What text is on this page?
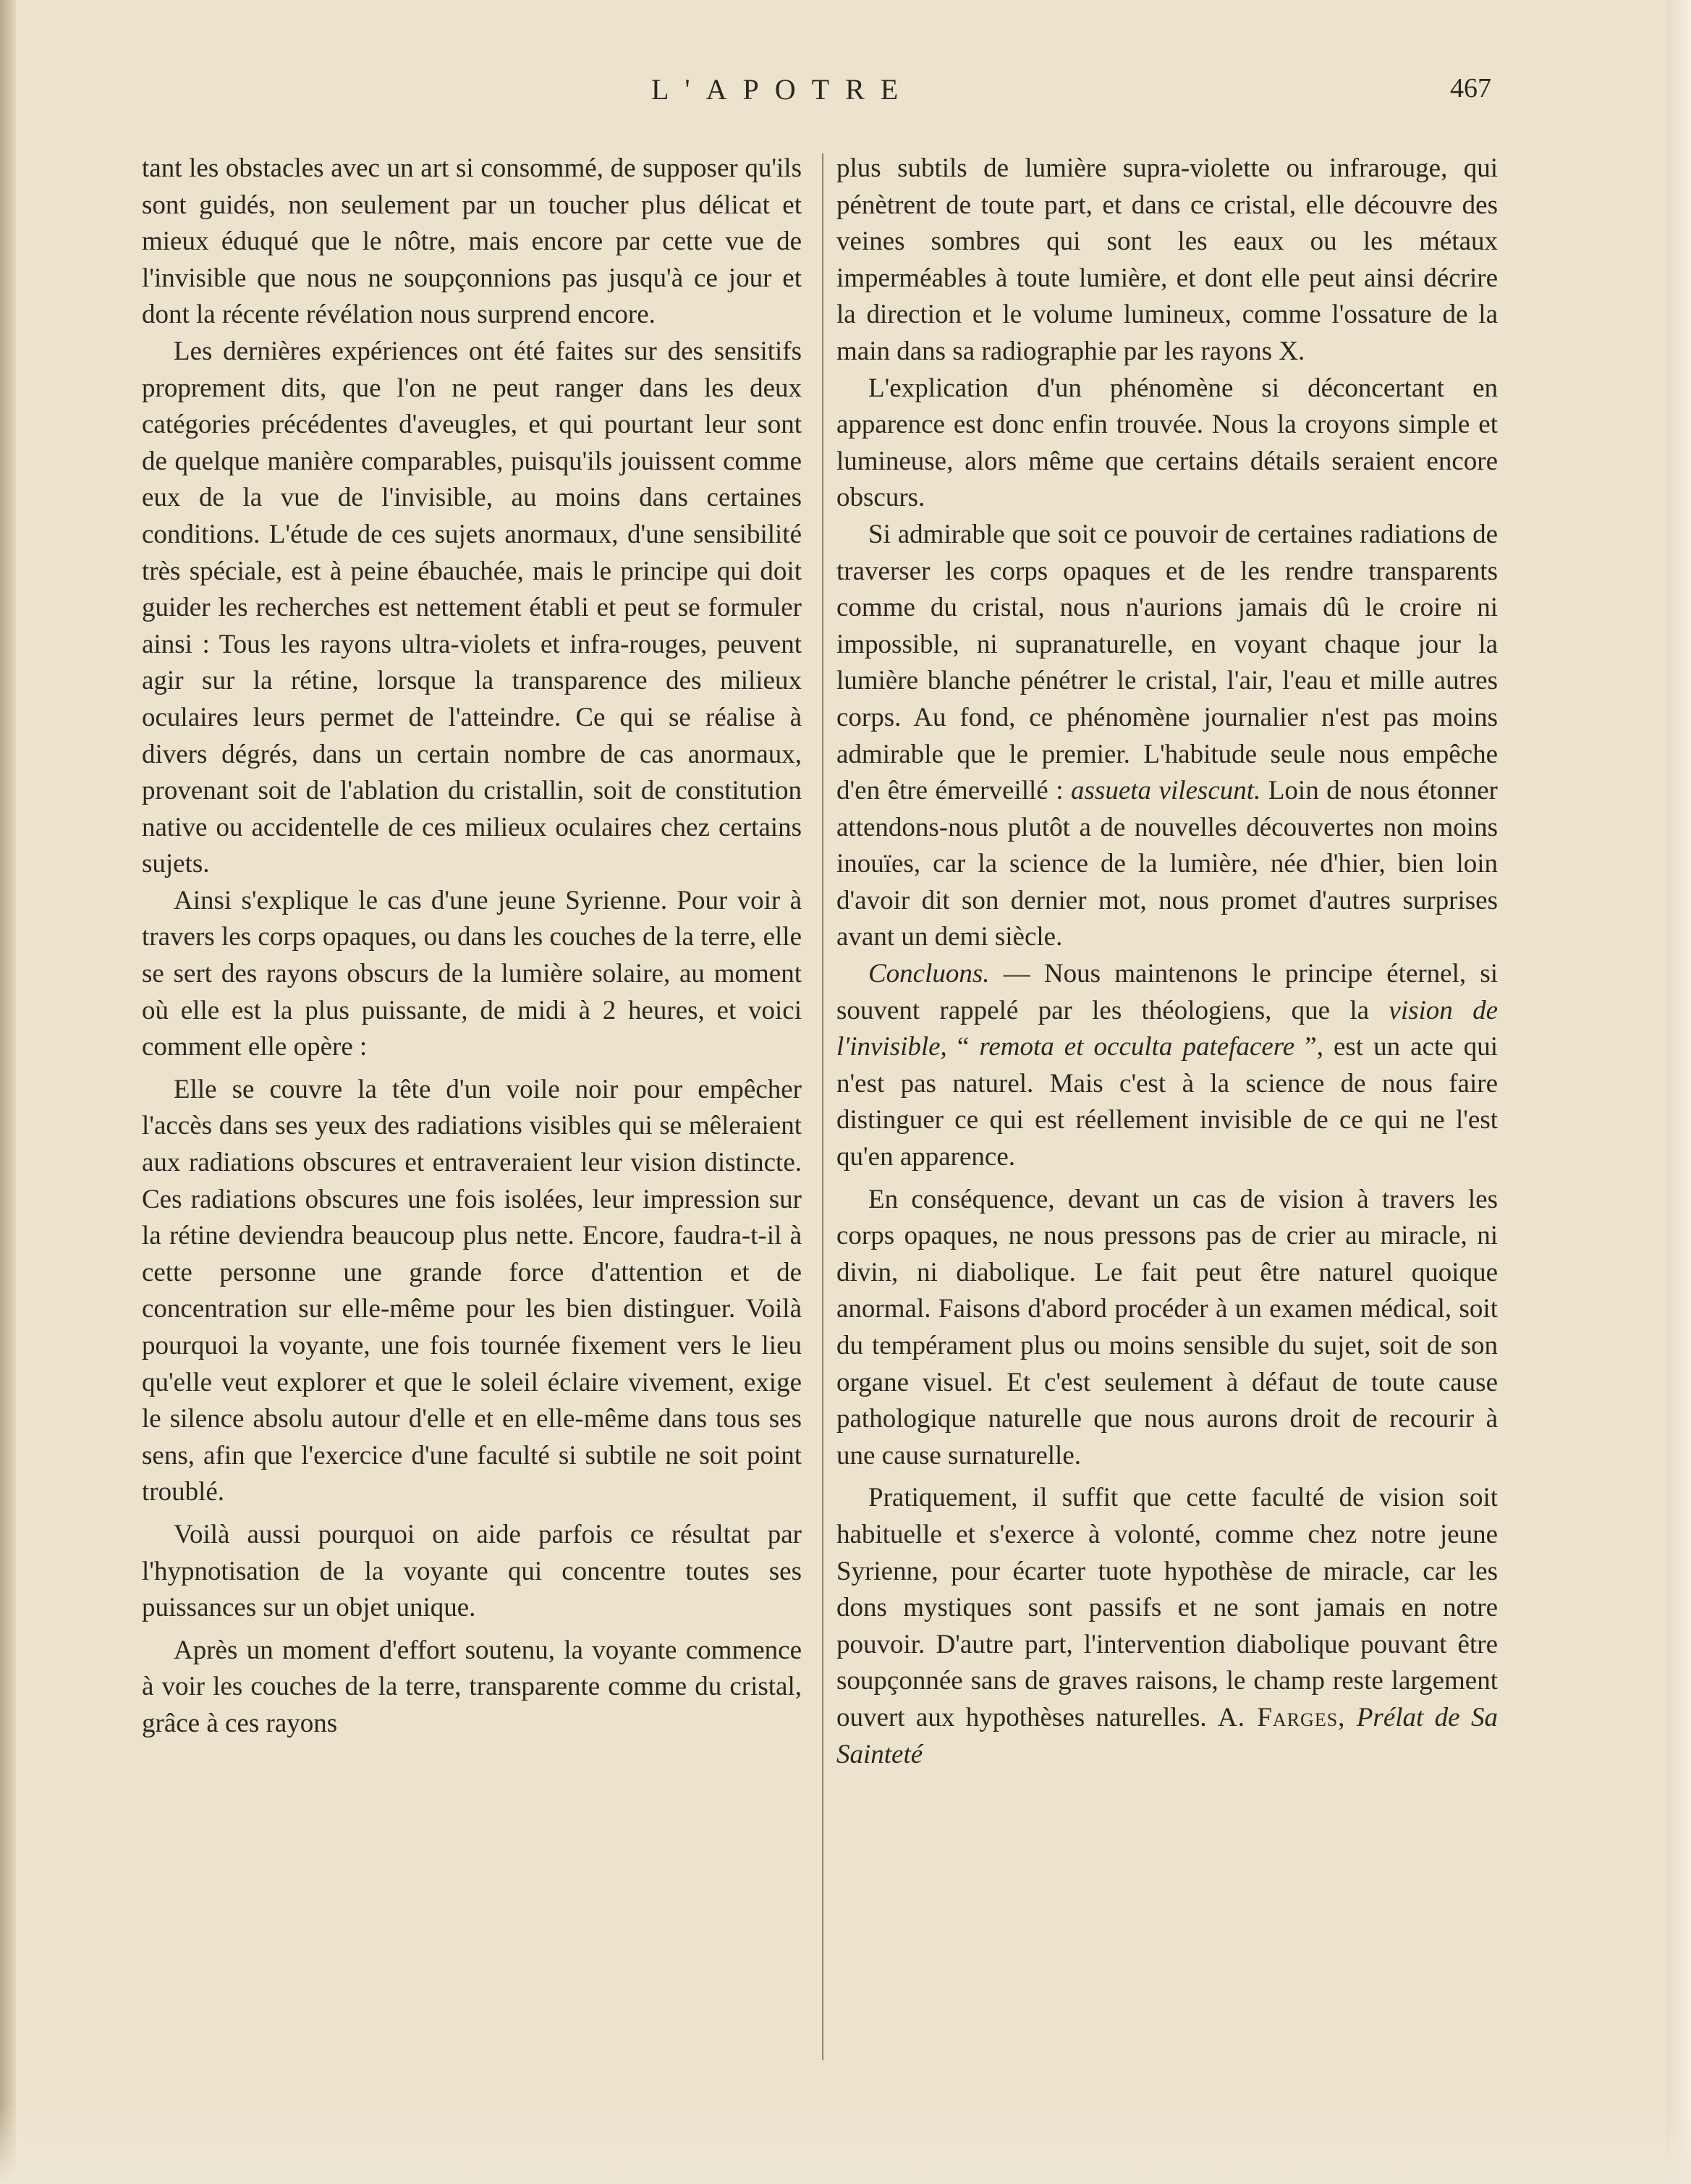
L'APOTRE	467

tant les obstacles avec un art si consommé, de supposer qu'ils sont guidés, non seulement par un toucher plus délicat et mieux éduqué que le nôtre, mais encore par cette vue de l'invisible que nous ne soupçonnions pas jusqu'à ce jour et dont la récente révélation nous surprend encore.

Les dernières expériences ont été faites sur des sensitifs proprement dits, que l'on ne peut ranger dans les deux catégories précédentes d'aveugles, et qui pourtant leur sont de quelque manière comparables, puisqu'ils jouissent comme eux de la vue de l'invisible, au moins dans certaines conditions. L'étude de ces sujets anormaux, d'une sensibilité très spéciale, est à peine ébauchée, mais le principe qui doit guider les recherches est nettement établi et peut se formuler ainsi : Tous les rayons ultra-violets et infra-rouges, peuvent agir sur la rétine, lorsque la transparence des milieux oculaires leurs permet de l'atteindre. Ce qui se réalise à divers dégrés, dans un certain nombre de cas anormaux, provenant soit de l'ablation du cristallin, soit de constitution native ou accidentelle de ces milieux oculaires chez certains sujets.

Ainsi s'explique le cas d'une jeune Syrienne. Pour voir à travers les corps opaques, ou dans les couches de la terre, elle se sert des rayons obscurs de la lumière solaire, au moment où elle est la plus puissante, de midi à 2 heures, et voici comment elle opère :

Elle se couvre la tête d'un voile noir pour empêcher l'accès dans ses yeux des radiations visibles qui se mêleraient aux radiations obscures et entraveraient leur vision distincte. Ces radiations obscures une fois isolées, leur impression sur la rétine deviendra beaucoup plus nette. Encore, faudra-t-il à cette personne une grande force d'attention et de concentration sur elle-même pour les bien distinguer. Voilà pourquoi la voyante, une fois tournée fixement vers le lieu qu'elle veut explorer et que le soleil éclaire vivement, exige le silence absolu autour d'elle et en elle-même dans tous ses sens, afin que l'exercice d'une faculté si subtile ne soit point troublé.

Voilà aussi pourquoi on aide parfois ce résultat par l'hypnotisation de la voyante qui concentre toutes ses puissances sur un objet unique.

Après un moment d'effort soutenu, la voyante commence à voir les couches de la terre, transparente comme du cristal, grâce à ces rayons

plus subtils de lumière supra-violette ou infrarouge, qui pénètrent de toute part, et dans ce cristal, elle découvre des veines sombres qui sont les eaux ou les métaux imperméables à toute lumière, et dont elle peut ainsi décrire la direction et le volume lumineux, comme l'ossature de la main dans sa radiographie par les rayons X.

L'explication d'un phénomène si déconcertant en apparence est donc enfin trouvée. Nous la croyons simple et lumineuse, alors même que certains détails seraient encore obscurs.

Si admirable que soit ce pouvoir de certaines radiations de traverser les corps opaques et de les rendre transparents comme du cristal, nous n'aurions jamais dû le croire ni impossible, ni supranaturelle, en voyant chaque jour la lumière blanche pénétrer le cristal, l'air, l'eau et mille autres corps. Au fond, ce phénomène journalier n'est pas moins admirable que le premier. L'habitude seule nous empêche d'en être émerveillé : assueta vilescunt. Loin de nous étonner attendons-nous plutôt a de nouvelles découvertes non moins inouïes, car la science de la lumière, née d'hier, bien loin d'avoir dit son dernier mot, nous promet d'autres surprises avant un demi siècle.

Concluons. — Nous maintenons le principe éternel, si souvent rappelé par les théologiens, que la vision de l'invisible, “ remota et occulta patefacere ”, est un acte qui n'est pas naturel. Mais c'est à la science de nous faire distinguer ce qui est réellement invisible de ce qui ne l'est qu'en apparence.

En conséquence, devant un cas de vision à travers les corps opaques, ne nous pressons pas de crier au miracle, ni divin, ni diabolique. Le fait peut être naturel quoique anormal. Faisons d'abord procéder à un examen médical, soit du tempérament plus ou moins sensible du sujet, soit de son organe visuel. Et c'est seulement à défaut de toute cause pathologique naturelle que nous aurons droit de recourir à une cause surnaturelle.

Pratiquement, il suffit que cette faculté de vision soit habituelle et s'exerce à volonté, comme chez notre jeune Syrienne, pour écarter tuote hypothèse de miracle, car les dons mystiques sont passifs et ne sont jamais en notre pouvoir. D'autre part, l'intervention diabolique pouvant être soupçonnée sans de graves raisons, le champ reste largement ouvert aux hypothèses naturelles. A. Farges, Prélat de Sa Sainteté
